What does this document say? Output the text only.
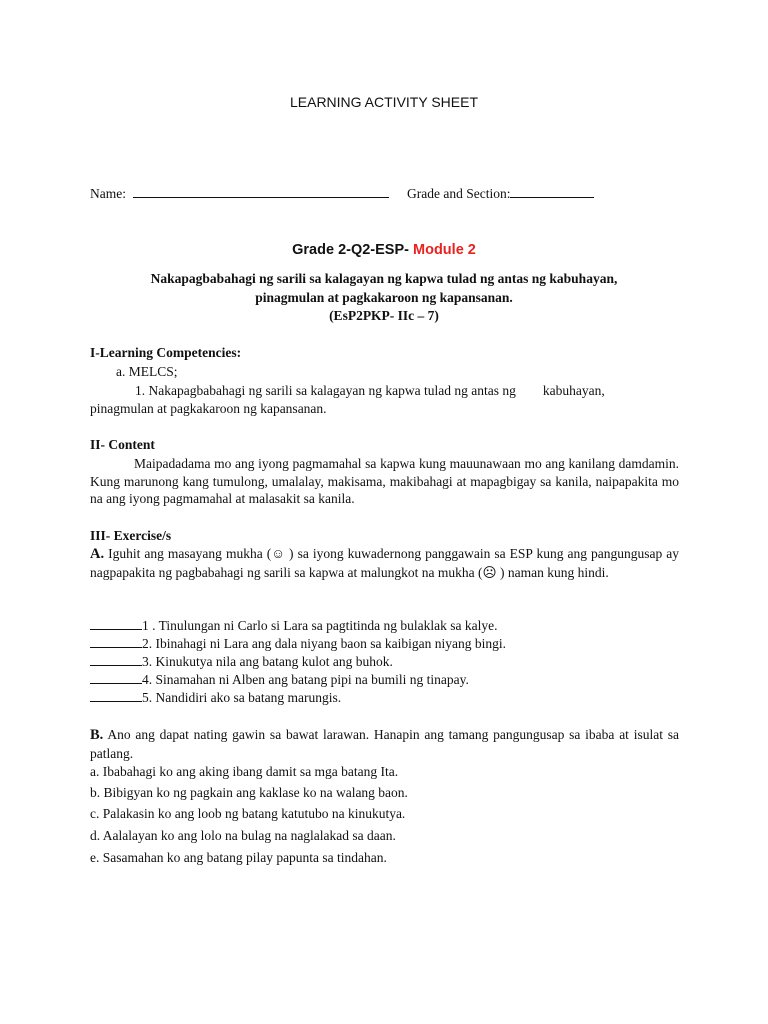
LEARNING ACTIVITY SHEET
Name:	Grade and Section:
Grade 2-Q2-ESP- Module 2
Nakapagbabahagi ng sarili sa kalagayan ng kapwa tulad ng antas ng kabuhayan,
pinagmulan at pagkakaroon ng kapansanan.
(EsP2PKP- IIc – 7)
I-Learning Competencies:
a. MELCS;
1. Nakapagbabahagi ng sarili sa kalagayan ng kapwa tulad ng antas ng        kabuhayan,
pinagmulan at pagkakaroon ng kapansanan.
II- Content
Maipadadama mo ang iyong pagmamahal sa kapwa kung mauunawaan mo ang kanilang damdamin. Kung marunong kang tumulong, umalalay, makisama, makibahagi at mapagbigay sa kanila, naipapakita mo na ang iyong pagmamahal at malasakit sa kanila.
III- Exercise/s
A. Iguhit ang masayang mukha (☺ ) sa iyong kuwadernong panggawain sa ESP kung ang pangungusap ay nagpapakita ng pagbabahagi ng sarili sa kapwa at malungkot na mukha (☹ ) naman kung hindi.
1 . Tinulungan ni Carlo si Lara sa pagtitinda ng bulaklak sa kalye.
2. Ibinahagi ni Lara ang dala niyang baon sa kaibigan niyang bingi.
3. Kinukutya nila ang batang kulot ang buhok.
4. Sinamahan ni Alben ang batang pipi na bumili ng tinapay.
5. Nandidiri ako sa batang marungis.
B. Ano ang dapat nating gawin sa bawat larawan. Hanapin ang tamang pangungusap sa ibaba at isulat sa patlang.
a. Ibabahagi ko ang aking ibang damit sa mga batang Ita.
b. Bibigyan ko ng pagkain ang kaklase ko na walang baon.
c. Palakasin ko ang loob ng batang katutubo na kinukutya.
d. Aalalayan ko ang lolo na bulag na naglalakad sa daan.
e. Sasamahan ko ang batang pilay papunta sa tindahan.
